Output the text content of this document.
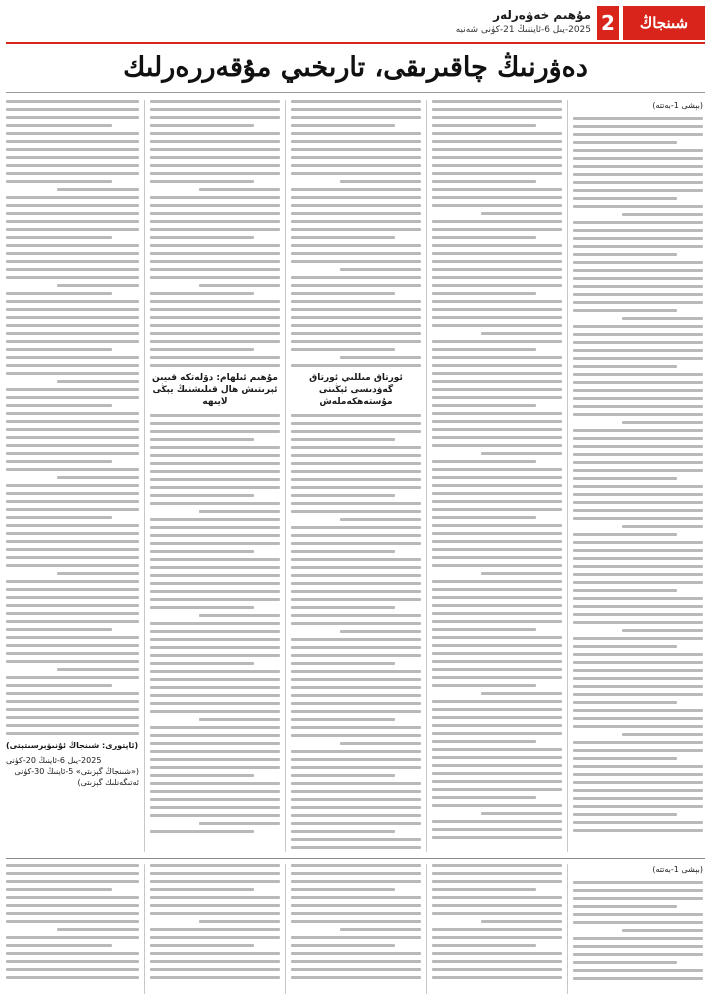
شىنجاڭ گېزىتى
2
مۇھىم خەۋەرلەر
2025-يىل 6-ئايننىڭ 21-كۈنى شەنبە
دەۋرنىڭ چاقىرىقى، تارىخىي مۇقەررەرلىك

(بېشى 1-بەتتە)

ئورتاق مىللىي ئورتاق گەۋدىسى ئېڭىنى مۇستەھكەملەش
مۇھىم ئىلھام: دۆلەتكە قىيىن ئېرىتىش ھال قىلىشنىڭ يېڭى لايىھە

(ئاپتورى: شىنجاڭ ئۇنىۋېرسىتېتى)

2025-يىل 6-ئاينىڭ 20-كۈنى

(«شىنجاڭ گېزىتى» 5-ئاينىڭ 30-كۈنى ئەتىگەنلىك گېزىتى)

(بېشى 1-بەتتە)
